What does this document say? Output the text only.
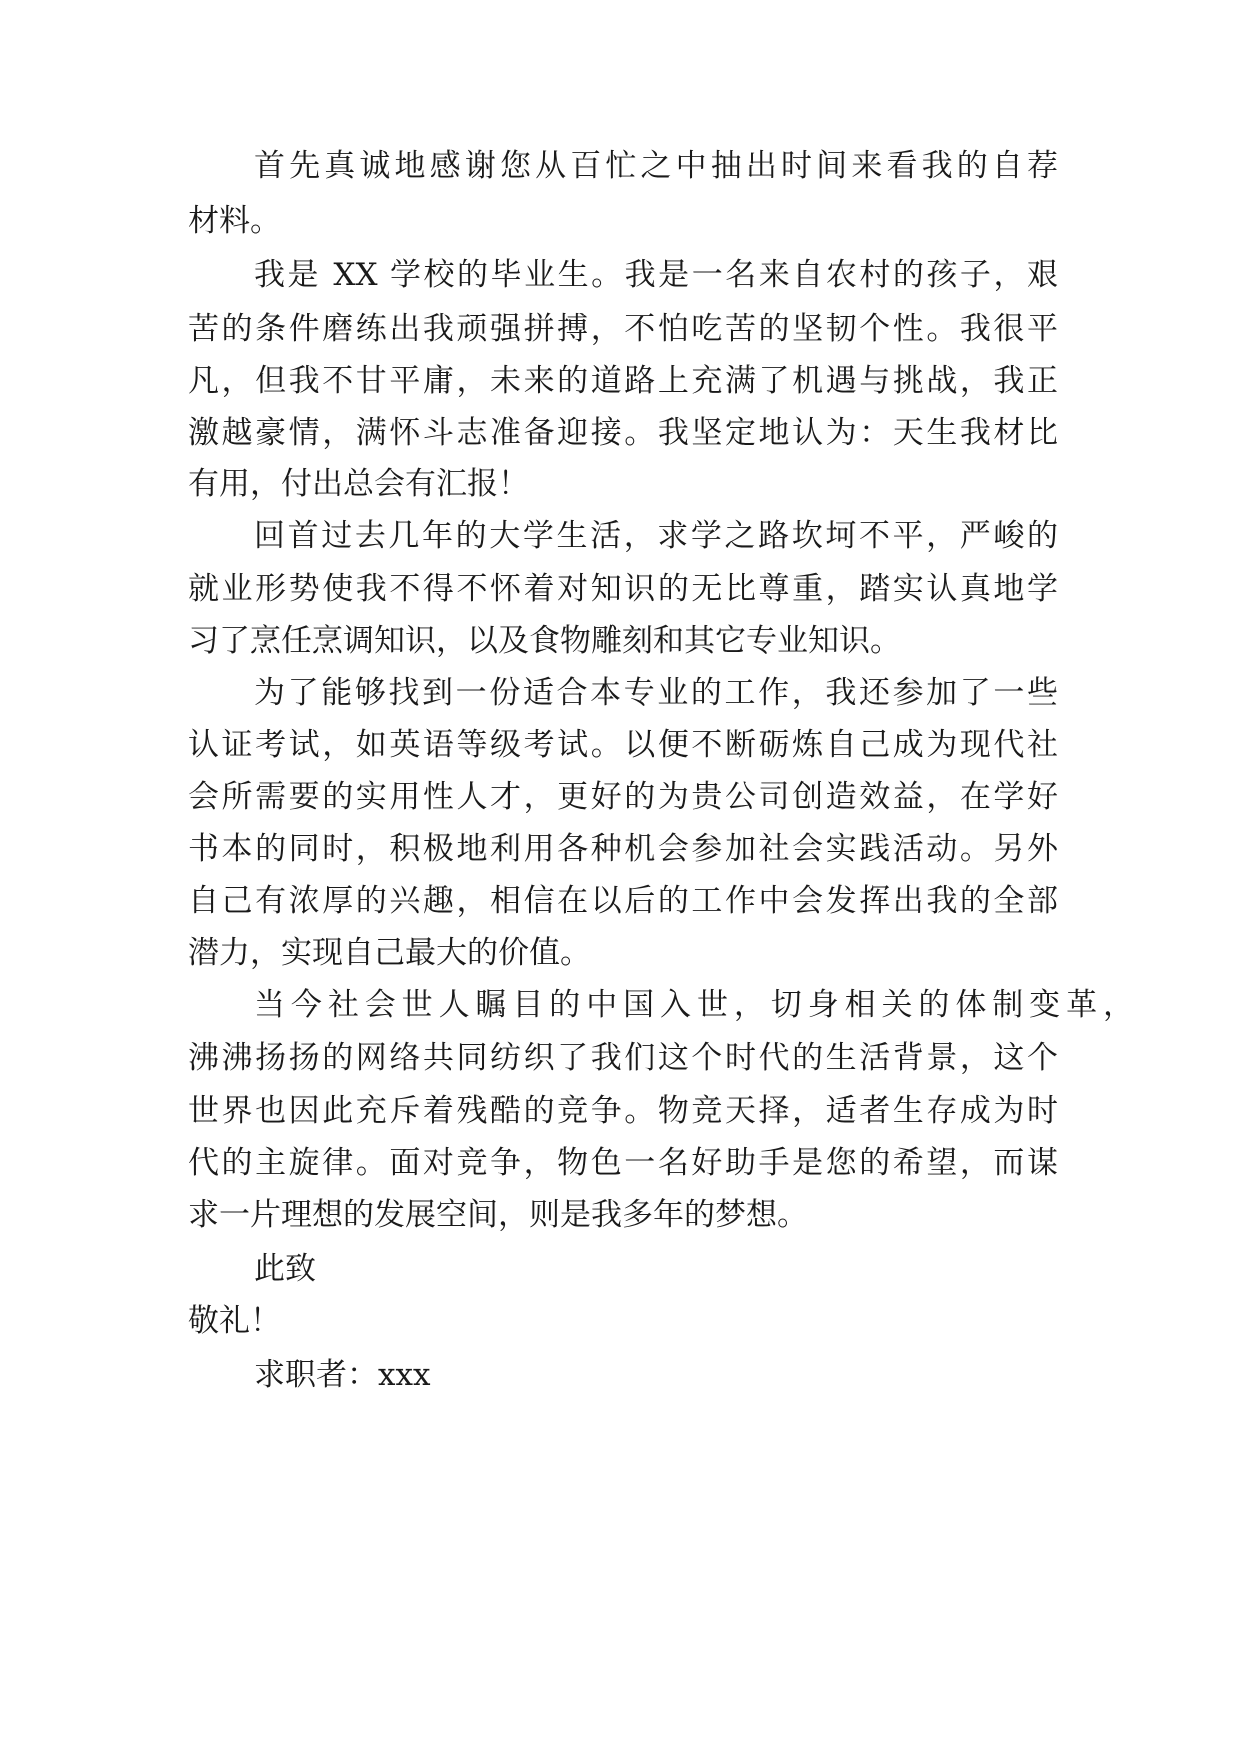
首先真诚地感谢您从百忙之中抽出时间来看我的自荐

材料。

我是 XX 学校的毕业生。我是一名来自农村的孩子，艰

苦的条件磨练出我顽强拼搏，不怕吃苦的坚韧个性。我很平

凡，但我不甘平庸，未来的道路上充满了机遇与挑战，我正

激越豪情，满怀斗志准备迎接。我坚定地认为：天生我材比

有用，付出总会有汇报！

回首过去几年的大学生活，求学之路坎坷不平，严峻的

就业形势使我不得不怀着对知识的无比尊重，踏实认真地学

习了烹任烹调知识，以及食物雕刻和其它专业知识。

为了能够找到一份适合本专业的工作，我还参加了一些

认证考试，如英语等级考试。以便不断砺炼自己成为现代社

会所需要的实用性人才，更好的为贵公司创造效益，在学好

书本的同时，积极地利用各种机会参加社会实践活动。另外

自己有浓厚的兴趣，相信在以后的工作中会发挥出我的全部

潜力，实现自己最大的价值。

当今社会世人瞩目的中国入世，切身相关的体制变革，

沸沸扬扬的网络共同纺织了我们这个时代的生活背景，这个

世界也因此充斥着残酷的竞争。物竞天择，适者生存成为时

代的主旋律。面对竞争，物色一名好助手是您的希望，而谋

求一片理想的发展空间，则是我多年的梦想。

此致

敬礼！

求职者：xxx
